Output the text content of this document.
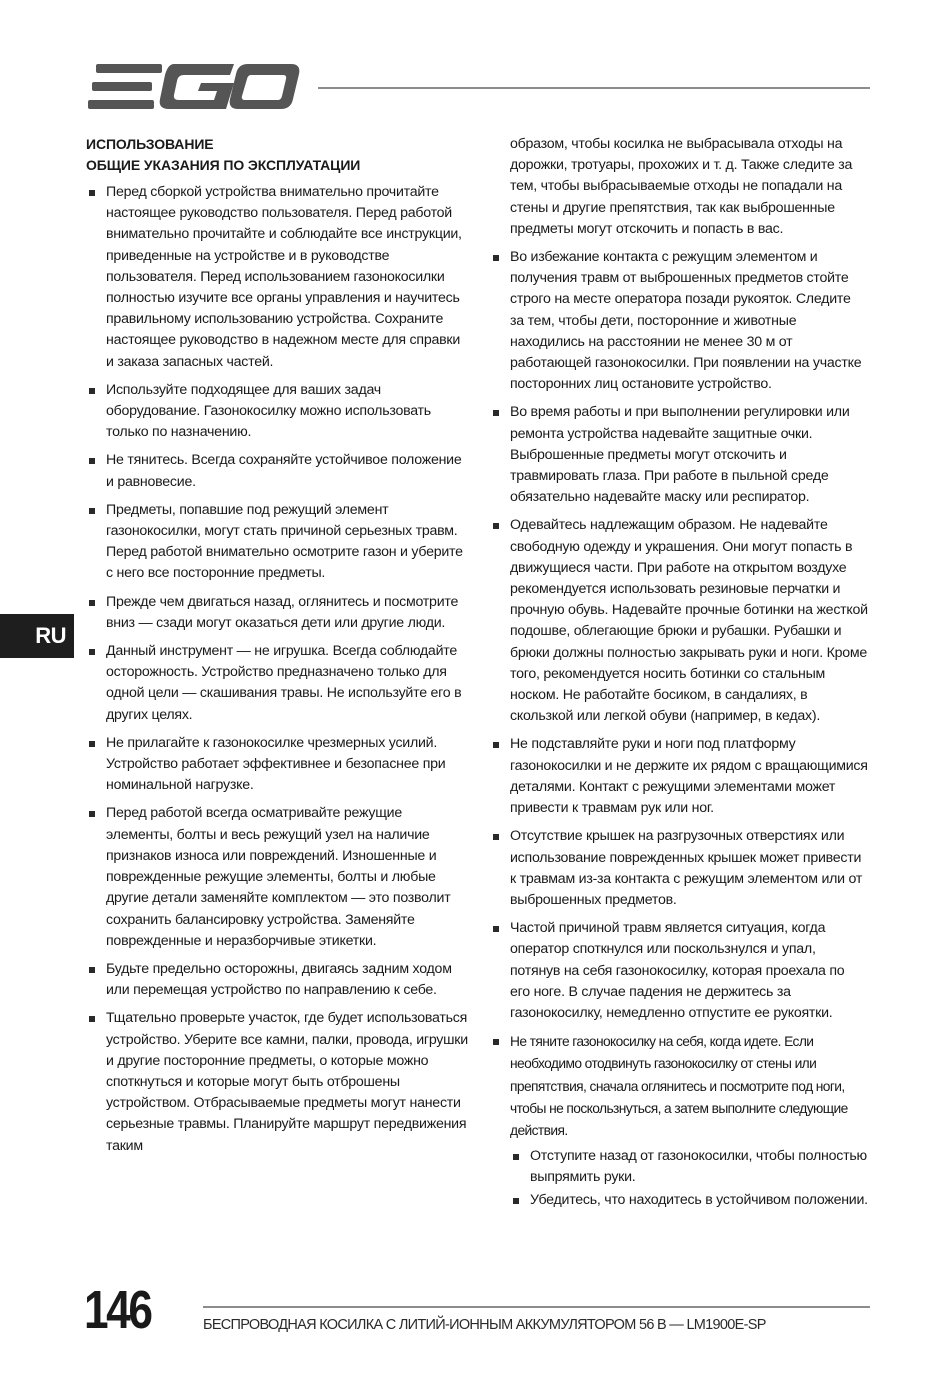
RU
ИСПОЛЬЗОВАНИЕ
ОБЩИЕ УКАЗАНИЯ ПО ЭКСПЛУАТАЦИИ
Перед сборкой устройства внимательно прочитайте настоящее руководство пользователя. Перед работой внимательно прочитайте и соблюдайте все инструкции, приведенные на устройстве и в руководстве пользователя. Перед использованием газонокосилки полностью изучите все органы управления и научитесь правильному использованию устройства. Сохраните настоящее руководство в надежном месте для справки и заказа запасных частей.
Используйте подходящее для ваших задач оборудование. Газонокосилку можно использовать только по назначению.
Не тянитесь. Всегда сохраняйте устойчивое положение и равновесие.
Предметы, попавшие под режущий элемент газонокосилки, могут стать причиной серьезных травм. Перед работой внимательно осмотрите газон и уберите с него все посторонние предметы.
Прежде чем двигаться назад, оглянитесь и посмотрите вниз — сзади могут оказаться дети или другие люди.
Данный инструмент — не игрушка. Всегда соблюдайте осторожность. Устройство предназначено только для одной цели — скашивания травы. Не используйте его в других целях.
Не прилагайте к газонокосилке чрезмерных усилий. Устройство работает эффективнее и безопаснее при номинальной нагрузке.
Перед работой всегда осматривайте режущие элементы, болты и весь режущий узел на наличие признаков износа или повреждений. Изношенные и поврежденные режущие элементы, болты и любые другие детали заменяйте комплектом — это позволит сохранить балансировку устройства. Заменяйте поврежденные и неразборчивые этикетки.
Будьте предельно осторожны, двигаясь задним ходом или перемещая устройство по направлению к себе.
Тщательно проверьте участок, где будет использоваться устройство. Уберите все камни, палки, провода, игрушки и другие посторонние предметы, о которые можно споткнуться и которые могут быть отброшены устройством. Отбрасываемые предметы могут нанести серьезные травмы. Планируйте маршрут передвижения таким
образом, чтобы косилка не выбрасывала отходы на дорожки, тротуары, прохожих и т. д. Также следите за тем, чтобы выбрасываемые отходы не попадали на стены и другие препятствия, так как выброшенные предметы могут отскочить и попасть в вас.
Во избежание контакта с режущим элементом и получения травм от выброшенных предметов стойте строго на месте оператора позади рукояток. Следите за тем, чтобы дети, посторонние и животные находились на расстоянии не менее 30 м от работающей газонокосилки. При появлении на участке посторонних лиц остановите устройство.
Во время работы и при выполнении регулировки или ремонта устройства надевайте защитные очки. Выброшенные предметы могут отскочить и травмировать глаза. При работе в пыльной среде обязательно надевайте маску или респиратор.
Одевайтесь надлежащим образом. Не надевайте свободную одежду и украшения. Они могут попасть в движущиеся части. При работе на открытом воздухе рекомендуется использовать резиновые перчатки и прочную обувь. Надевайте прочные ботинки на жесткой подошве, облегающие брюки и рубашки. Рубашки и брюки должны полностью закрывать руки и ноги. Кроме того, рекомендуется носить ботинки со стальным носком. Не работайте босиком, в сандалиях, в скользкой или легкой обуви (например, в кедах).
Не подставляйте руки и ноги под платформу газонокосилки и не держите их рядом с вращающимися деталями. Контакт с режущими элементами может привести к травмам рук или ног.
Отсутствие крышек на разгрузочных отверстиях или использование поврежденных крышек может привести к травмам из-за контакта с режущим элементом или от выброшенных предметов.
Частой причиной травм является ситуация, когда оператор споткнулся или поскользнулся и упал, потянув на себя газонокосилку, которая проехала по его ноге. В случае падения не держитесь за газонокосилку, немедленно отпустите ее рукоятки.
Не тяните газонокосилку на себя, когда идете. Если необходимо отодвинуть газонокосилку от стены или препятствия, сначала оглянитесь и посмотрите под ноги, чтобы не поскользнуться, а затем выполните следующие действия.
Отступите назад от газонокосилки, чтобы полностью выпрямить руки.
Убедитесь, что находитесь в устойчивом положении.
146	БЕСПРОВОДНАЯ КОСИЛКА С ЛИТИЙ-ИОННЫМ АККУМУЛЯТОРОМ 56 В — LM1900E-SP
